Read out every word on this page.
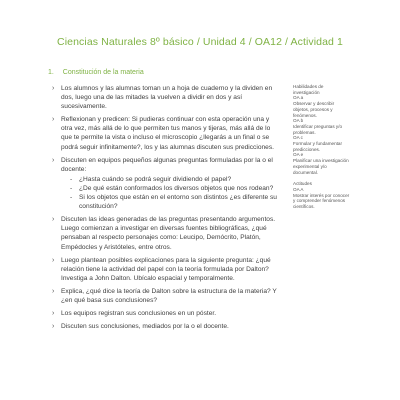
Ciencias Naturales 8º básico / Unidad 4 / OA12 / Actividad 1
1. Constitución de la materia
› Los alumnos y las alumnas toman un a hoja de cuaderno y la dividen en dos, luego una de las mitades la vuelven a dividir en dos y así sucesivamente.
› Reflexionan y predicen: Si pudieras continuar con esta operación una y otra vez, más allá de lo que permiten tus manos y tijeras, más allá de lo que te permite la vista o incluso el microscopio ¿llegarás a un final o se podrá seguir infinitamente?, los y las alumnas discuten sus predicciones.
› Discuten en equipos pequeños algunas preguntas formuladas por la o el docente:
- ¿Hasta cuándo se podrá seguir dividiendo el papel?
- ¿De qué están conformados los diversos objetos que nos rodean?
- Si los objetos que están en el entorno son distintos ¿es diferente su constitución?
› Discuten las ideas generadas de las preguntas presentando argumentos. Luego comienzan a investigar en diversas fuentes bibliográficas, ¿qué pensaban al respecto personajes como: Leucipo, Demócrito, Platón, Empédocles y Aristóteles, entre otros.
› Luego plantean posibles explicaciones para la siguiente pregunta: ¿qué relación tiene la actividad del papel con la teoría formulada por Dalton? Investiga a John Dalton. Ubícalo espacial y temporalmente.
› Explica, ¿qué dice la teoría de Dalton sobre la estructura de la materia? Y ¿en qué basa sus conclusiones?
› Los equipos registran sus conclusiones en un póster.
› Discuten sus conclusiones, mediados por la o el docente.
Habilidades de
investigación
OA a
Observar y describir
objetos, procesos y
fenómenos.
OA b
Identificar preguntas y/o
problemas.
OA c
Formular y fundamentar
predicciones.
OA e
Planificar una investigación
experimental y/o
documental.
Actitudes
OA A
Mostrar interés por conocer
y comprender fenómenos
científicos.
